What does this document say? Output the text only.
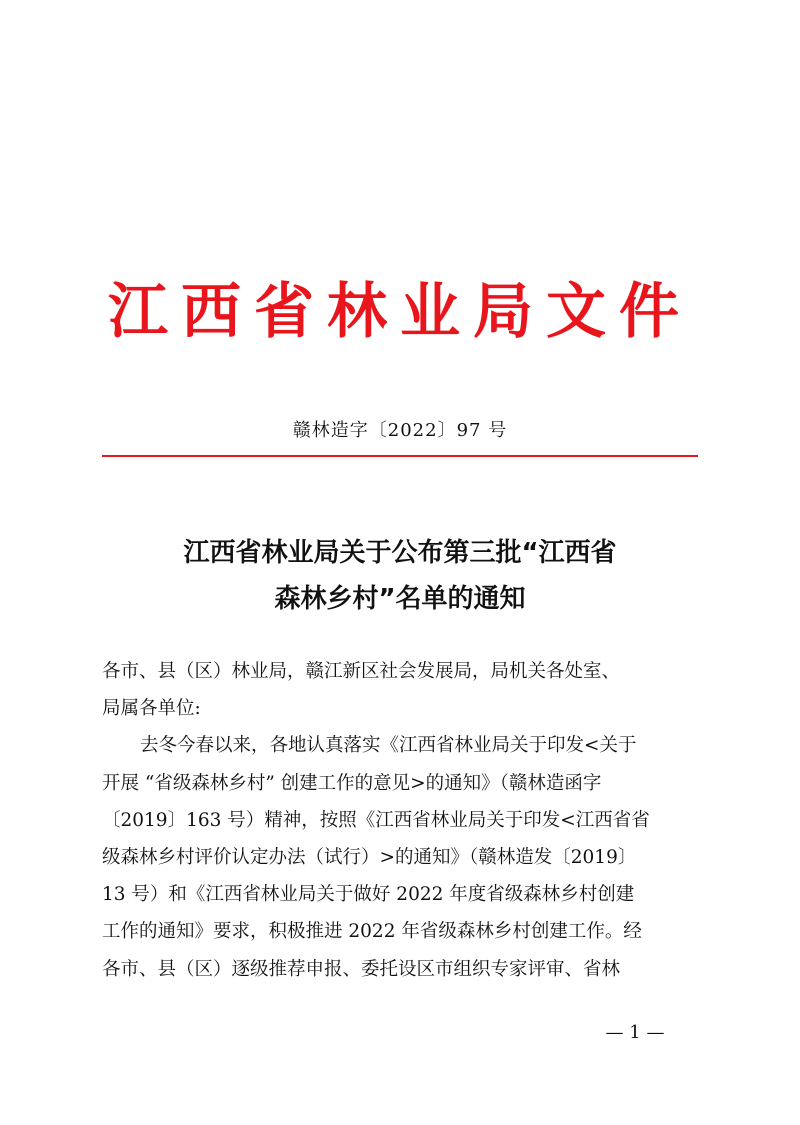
江西省林业局文件
赣林造字〔2022〕97 号
江西省林业局关于公布第三批“江西省
森林乡村”名单的通知
各市、县（区）林业局，赣江新区社会发展局，局机关各处室、
局属各单位:
去冬今春以来，各地认真落实《江西省林业局关于印发<关于
开展 “省级森林乡村” 创建工作的意见>的通知》（赣林造函字
〔2019〕163 号）精神，按照《江西省林业局关于印发<江西省省
级森林乡村评价认定办法（试行）>的通知》（赣林造发〔2019〕
13 号）和《江西省林业局关于做好 2022 年度省级森林乡村创建
工作的通知》要求，积极推进 2022 年省级森林乡村创建工作。经
各市、县（区）逐级推荐申报、委托设区市组织专家评审、省林
— 1 —
